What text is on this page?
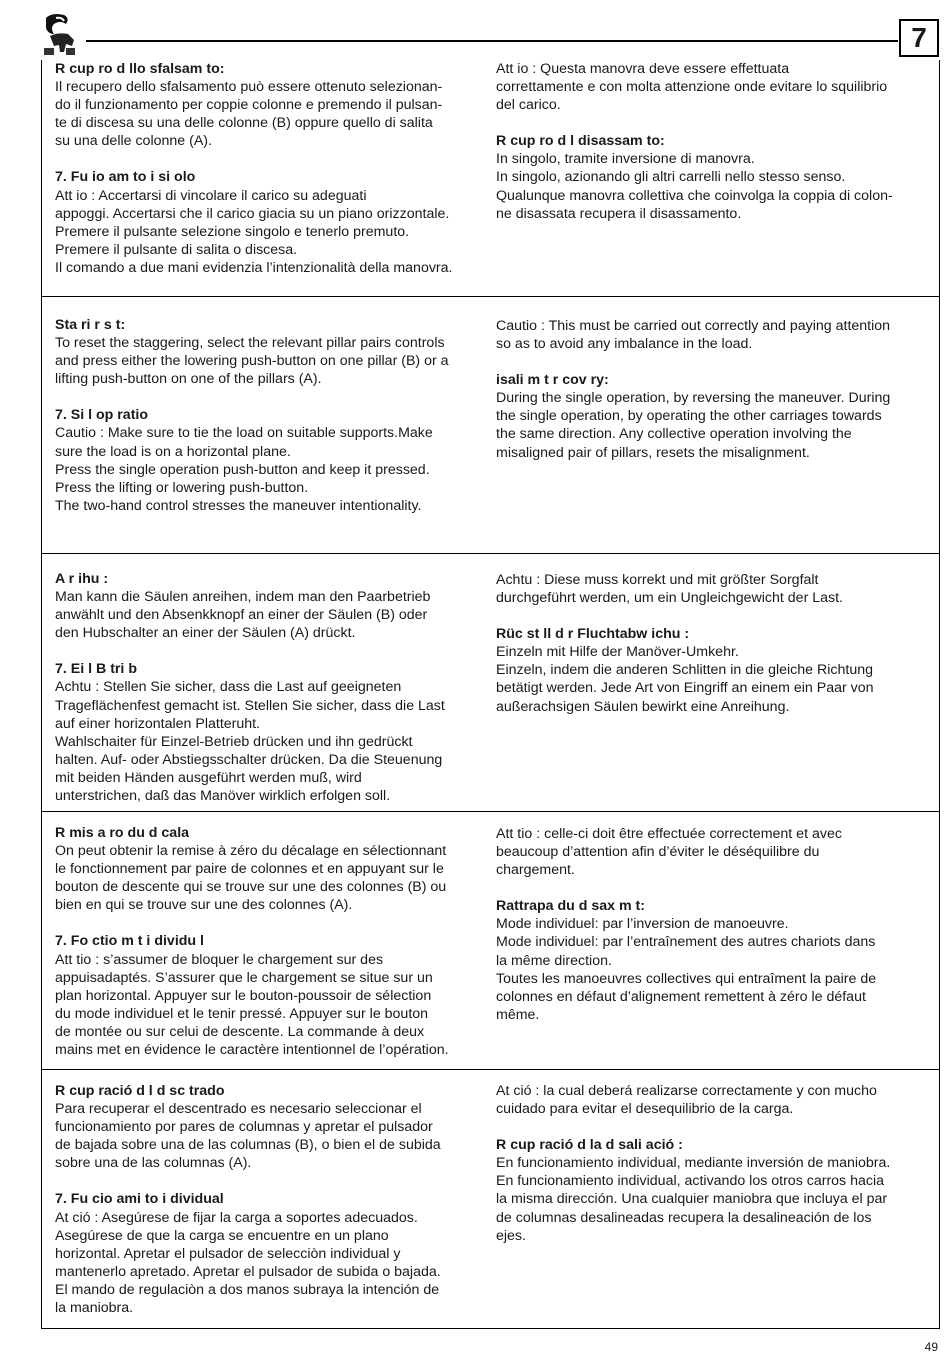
7

R cup ro d llo sfalsam to:

Il recupero dello sfalsamento può essere ottenuto selezionan-

do il funzionamento per coppie colonne e premendo il pulsan-

te di discesa su una delle colonne (B) oppure quello di salita

su una delle colonne (A).

7. Fu io am to i si olo

Att io : Accertarsi di vincolare il carico su adeguati

appoggi. Accertarsi che il carico giacia su un piano orizzontale.

Premere il pulsante selezione singolo e tenerlo premuto.

Premere il pulsante di salita o discesa.

Il comando a due mani evidenzia l’intenzionalità della manovra.

Att io : Questa manovra deve essere effettuata

correttamente e con molta attenzione onde evitare lo squilibrio

del carico.

R cup ro d l disassam to:

In singolo, tramite inversione di manovra.

In singolo, azionando gli altri carrelli nello stesso senso.

Qualunque manovra collettiva che coinvolga la coppia di colon-

ne disassata recupera il disassamento.

Sta ri r s t:

To reset the staggering, select the relevant pillar pairs controls

and press either the lowering push-button on one pillar (B) or a

lifting push-button on one of the pillars (A).

7. Si l op ratio

Cautio : Make sure to tie the load on suitable supports.Make

sure the load is on a horizontal plane.

Press the single operation push-button and keep it pressed.

Press the lifting or lowering push-button.

The two-hand control stresses the maneuver intentionality.

Cautio : This must be carried out correctly and paying attention

so as to avoid any imbalance in the load.

isali m t r cov ry:

During the single operation, by reversing the maneuver. During

the single operation, by operating the other carriages towards

the same direction. Any collective operation involving the

misaligned pair of pillars, resets the misalignment.

A r ihu :

Man kann die Säulen anreihen, indem man den Paarbetrieb

anwählt und den Absenkknopf an einer der Säulen (B) oder

den Hubschalter an einer der Säulen (A) drückt.

7. Ei l B tri b

Achtu : Stellen Sie sicher, dass die Last auf geeigneten

Trageflächenfest gemacht ist. Stellen Sie sicher, dass die Last

auf einer horizontalen Platteruht.

Wahlschaiter für Einzel-Betrieb drücken und ihn gedrückt

halten. Auf- oder Abstiegsschalter drücken. Da die Steuenung

mit beiden Händen ausgeführt werden muß, wird

unterstrichen, daß das Manöver wirklich erfolgen soll.

Achtu : Diese muss korrekt und mit größter Sorgfalt

durchgeführt werden, um ein Ungleichgewicht der Last.

Rüc st ll d r Fluchtabw ichu :

Einzeln mit Hilfe der Manöver-Umkehr.

Einzeln, indem die anderen Schlitten in die gleiche Richtung

betätigt werden. Jede Art von Eingriff an einem ein Paar von

außerachsigen Säulen bewirkt eine Anreihung.

R mis a ro du d cala

On peut obtenir la remise à zéro du décalage en sélectionnant

le fonctionnement par paire de colonnes et en appuyant sur le

bouton de descente qui se trouve sur une des colonnes (B) ou

bien en qui se trouve sur une des colonnes (A).

7. Fo ctio m t i dividu l

Att tio : s’assumer de bloquer le chargement sur des

appuisadaptés. S’assurer que le chargement se situe sur un

plan horizontal. Appuyer sur le bouton-poussoir de sélection

du mode individuel et le tenir pressé. Appuyer sur le bouton

de montée ou sur celui de descente. La commande à deux

mains met en évidence le caractère intentionnel de l’opération.

Att tio : celle-ci doit être effectuée correctement et avec

beaucoup d’attention afin d’éviter le déséquilibre du

chargement.

Rattrapa du d sax m t:

Mode individuel: par l’inversion de manoeuvre.

Mode individuel: par l’entraînement des autres chariots dans

la même direction.

Toutes les manoeuvres collectives qui entraîment la paire de

colonnes en défaut d’alignement remettent à zéro le défaut

même.

R cup ració d l d sc trado

Para recuperar el descentrado es necesario seleccionar el

funcionamiento por pares de columnas y apretar el pulsador

de bajada sobre una de las columnas (B), o bien el de subida

sobre una de las columnas (A).

7. Fu cio ami to i dividual

At ció : Asegúrese de fijar la carga a soportes adecuados.

Asegúrese de que la carga se encuentre en un plano

horizontal. Apretar el pulsador de selecciòn individual y

mantenerlo apretado. Apretar el pulsador de subida o bajada.

El mando de regulaciòn a dos manos subraya la intención de

la maniobra.

At ció : la cual deberá realizarse correctamente y con mucho

cuidado para evitar el desequilibrio de la carga.

R cup ració d la d sali ació :

En funcionamiento individual, mediante inversión de maniobra.

En funcionamiento individual, activando los otros carros hacia

la misma dirección. Una cualquier maniobra que incluya el par

de columnas desalineadas recupera la desalineación de los

ejes.

49
